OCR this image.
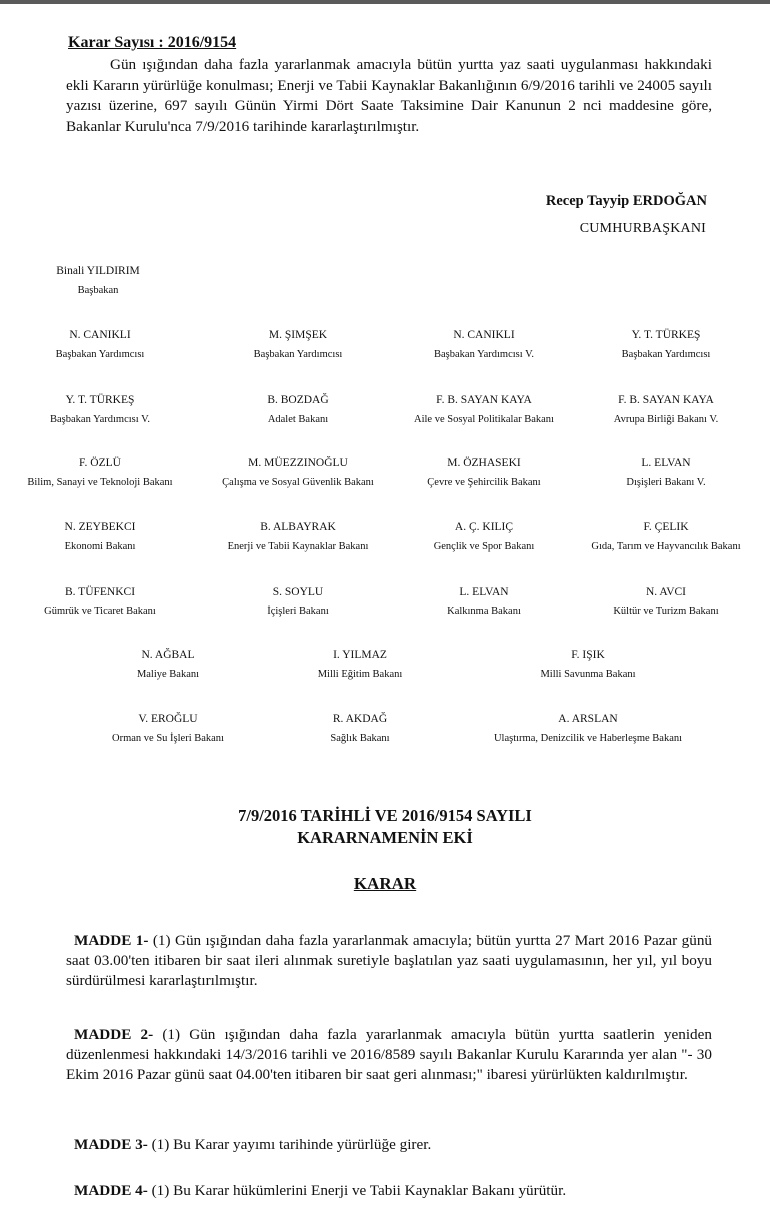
Karar Sayısı : 2016/9154
Gün ışığından daha fazla yararlanmak amacıyla bütün yurtta yaz saati uygulanması hakkındaki ekli Kararın yürürlüğe konulması; Enerji ve Tabii Kaynaklar Bakanlığının 6/9/2016 tarihli ve 24005 sayılı yazısı üzerine, 697 sayılı Günün Yirmi Dört Saate Taksimine Dair Kanunun 2 nci maddesine göre, Bakanlar Kurulu'nca 7/9/2016 tarihinde kararlaştırılmıştır.
Recep Tayyip ERDOĞAN
CUMHURBAŞKANI
Binali YILDIRIM
Başbakan
N. CANIKLI
Başbakan Yardımcısı
M. ŞIMŞEK
Başbakan Yardımcısı
N. CANIKLI
Başbakan Yardımcısı V.
Y. T. TÜRKEŞ
Başbakan Yardımcısı
Y. T. TÜRKEŞ
Başbakan Yardımcısı V.
B. BOZDAĞ
Adalet Bakanı
F. B. SAYAN KAYA
Aile ve Sosyal Politikalar Bakanı
F. B. SAYAN KAYA
Avrupa Birliği Bakanı V.
F. ÖZLÜ
Bilim, Sanayi ve Teknoloji Bakanı
M. MÜEZZINOĞLU
Çalışma ve Sosyal Güvenlik Bakanı
M. ÖZHASEKI
Çevre ve Şehircilik Bakanı
L. ELVAN
Dışişleri Bakanı V.
N. ZEYBEKCI
Ekonomi Bakanı
B. ALBAYRAK
Enerji ve Tabii Kaynaklar Bakanı
A. Ç. KILIÇ
Gençlik ve Spor Bakanı
F. ÇELIK
Gıda, Tarım ve Hayvancılık Bakanı
B. TÜFENKCI
Gümrük ve Ticaret Bakanı
S. SOYLU
İçişleri Bakanı
L. ELVAN
Kalkınma Bakanı
N. AVCI
Kültür ve Turizm Bakanı
N. AĞBAL
Maliye Bakanı
I. YILMAZ
Milli Eğitim Bakanı
F. IŞIK
Milli Savunma Bakanı
V. EROĞLU
Orman ve Su İşleri Bakanı
R. AKDAĞ
Sağlık Bakanı
A. ARSLAN
Ulaştırma, Denizcilik ve Haberleşme Bakanı
7/9/2016 TARİHLİ VE 2016/9154 SAYILI
KARARNAMENİN EKİ
KARAR
MADDE 1- (1) Gün ışığından daha fazla yararlanmak amacıyla; bütün yurtta 27 Mart 2016 Pazar günü saat 03.00'ten itibaren bir saat ileri alınmak suretiyle başlatılan yaz saati uygulamasının, her yıl, yıl boyu sürdürülmesi kararlaştırılmıştır.
MADDE 2- (1) Gün ışığından daha fazla yararlanmak amacıyla bütün yurtta saatlerin yeniden düzenlenmesi hakkındaki 14/3/2016 tarihli ve 2016/8589 sayılı Bakanlar Kurulu Kararında yer alan "- 30 Ekim 2016 Pazar günü saat 04.00'ten itibaren bir saat geri alınması;" ibaresi yürürlükten kaldırılmıştır.
MADDE 3- (1) Bu Karar yayımı tarihinde yürürlüğe girer.
MADDE 4- (1) Bu Karar hükümlerini Enerji ve Tabii Kaynaklar Bakanı yürütür.
